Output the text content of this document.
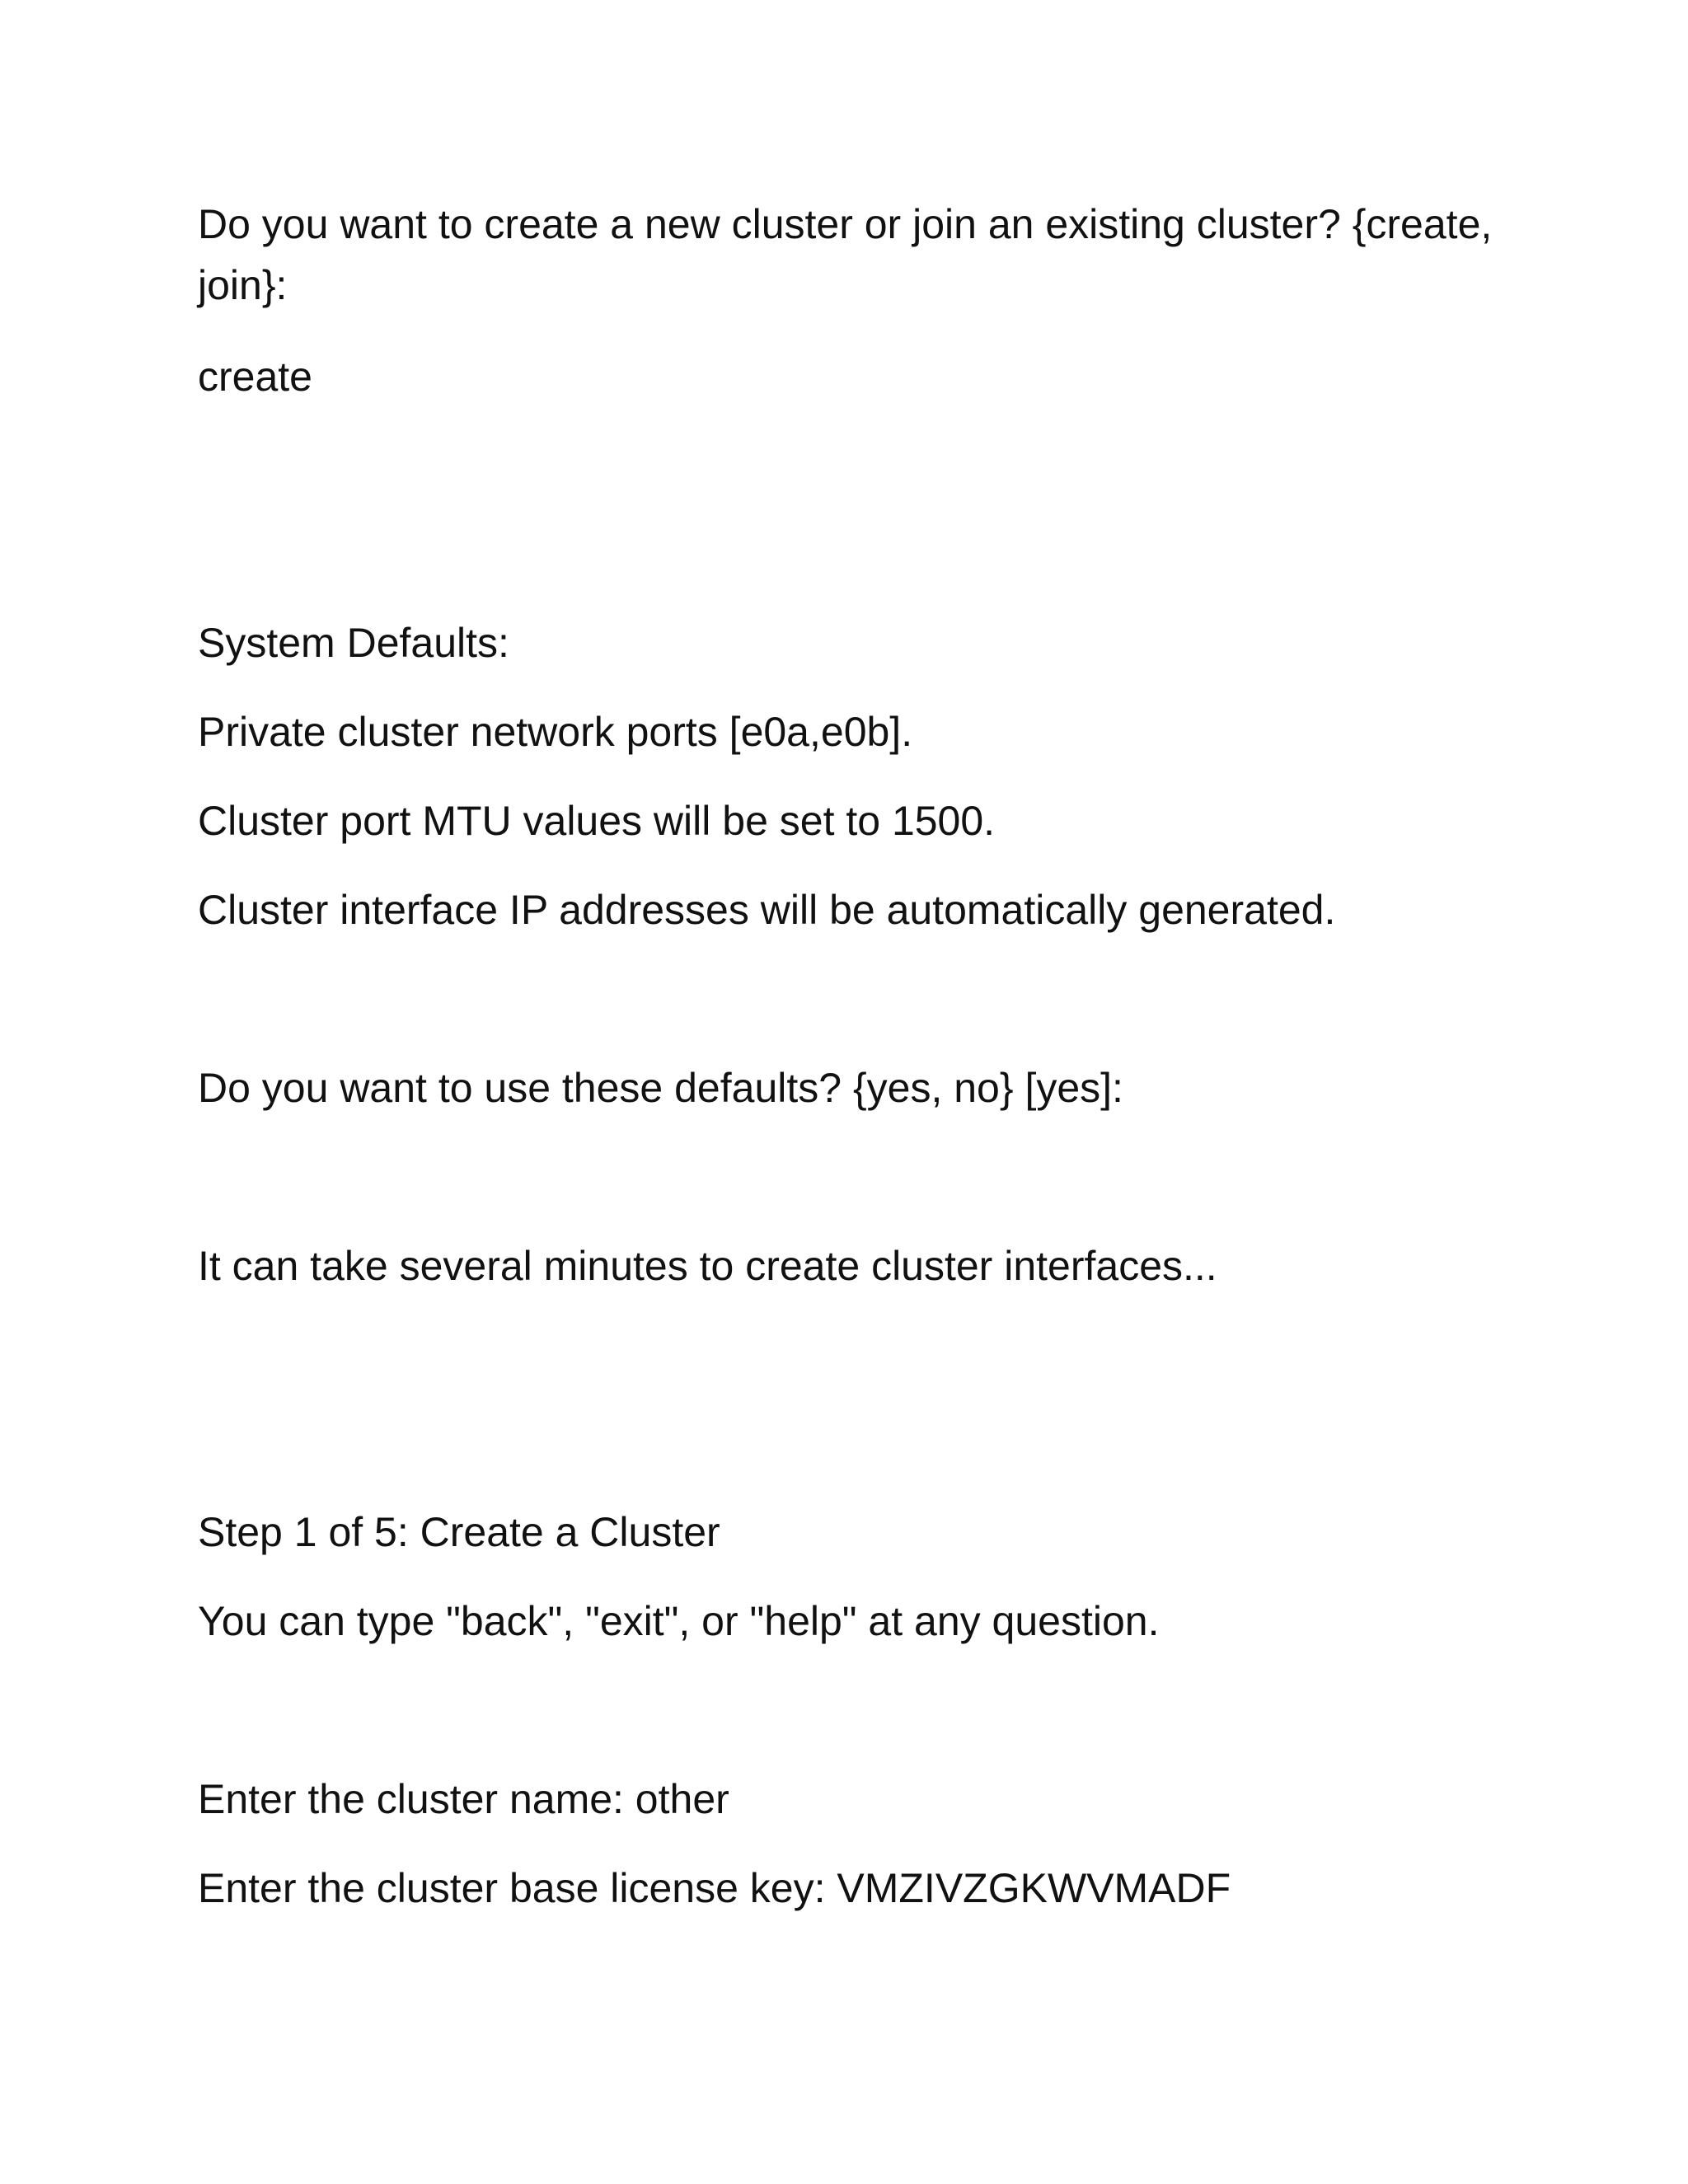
Do you want to create a new cluster or join an existing cluster? {create, join}:

create

System Defaults:

Private cluster network ports [e0a,e0b].

Cluster port MTU values will be set to 1500.

Cluster interface IP addresses will be automatically generated.

Do you want to use these defaults? {yes, no} [yes]:

It can take several minutes to create cluster interfaces...

Step 1 of 5: Create a Cluster

You can type "back", "exit", or "help" at any question.

Enter the cluster name: other

Enter the cluster base license key: VMZIVZGKWVMADF
